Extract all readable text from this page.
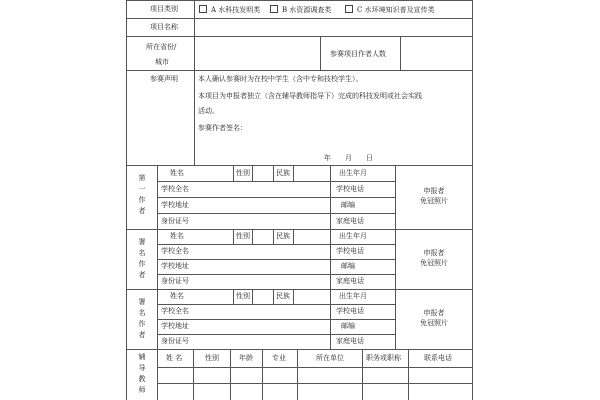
项目类别	A 水科技发明类	B 水资源调查类	C 水环境知识普及宣传类
项目名称
所在省份/
城市
参赛项目作者人数
参赛声明	本人确认参赛时为在校中学生（含中专和技校学生）。
本项目为申报者独立（含在辅导教师指导下）完成的科技发明或社会实践
活动。
参赛作者签名：
年 月 日
第一作者
姓名	性别	民族	出生年月
学校全名	学校电话
学校地址	邮编
身份证号	家庭电话
申报者
免冠照片
署名作者
姓名	性别	民族	出生年月
学校全名	学校电话
学校地址	邮编
身份证号	家庭电话
申报者
免冠照片
署名作者
姓名	性别	民族	出生年月
学校全名	学校电话
学校地址	邮编
身份证号	家庭电话
申报者
免冠照片
辅导教师
姓 名	性别	年龄	专业	所在单位	职务或职称	联系电话
